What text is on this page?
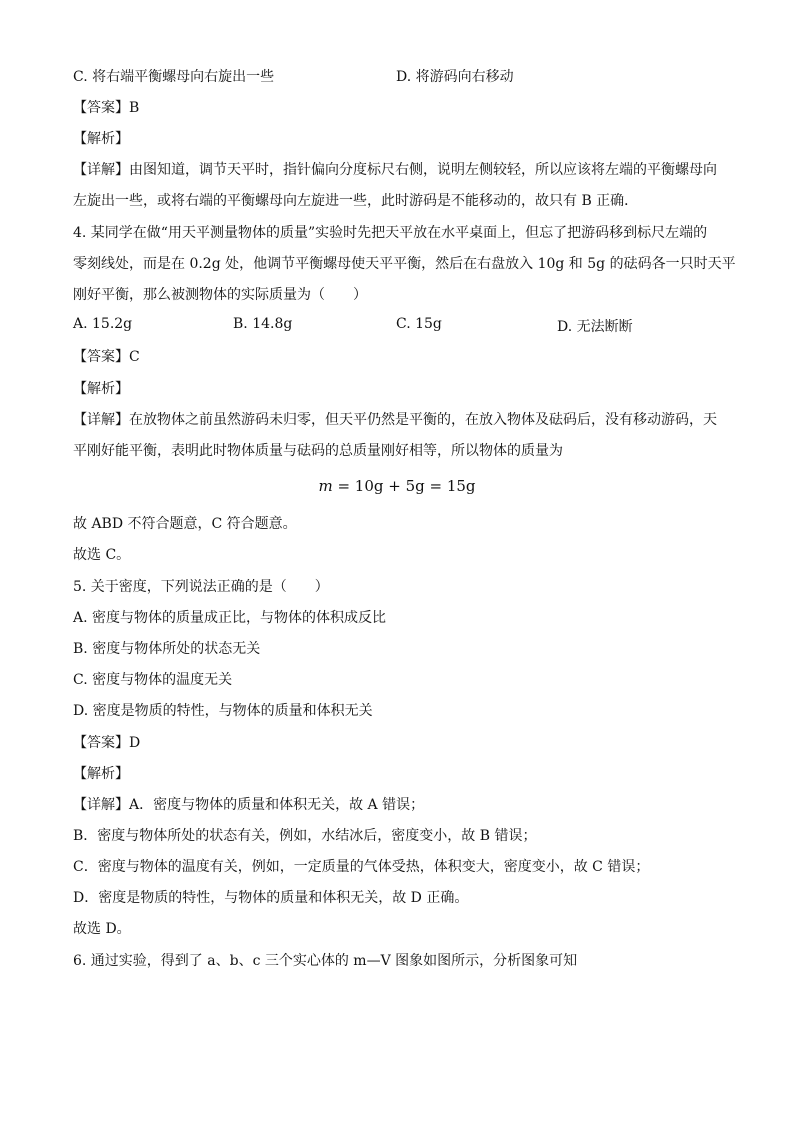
C. 将右端平衡螺母向右旋出一些	D. 将游码向右移动
【答案】B
【解析】
【详解】由图知道，调节天平时，指针偏向分度标尺右侧，说明左侧较轻，所以应该将左端的平衡螺母向
左旋出一些，或将右端的平衡螺母向左旋进一些，此时游码是不能移动的，故只有 B 正确．
4. 某同学在做“用天平测量物体的质量”实验时先把天平放在水平桌面上，但忘了把游码移到标尺左端的
零刻线处，而是在 0.2g 处，他调节平衡螺母使天平平衡，然后在右盘放入 10g 和 5g 的砝码各一只时天平
刚好平衡，那么被测物体的实际质量为（　　）
A. 15.2g	B. 14.8g	C. 15g	D. 无法断断
【答案】C
【解析】
【详解】在放物体之前虽然游码未归零，但天平仍然是平衡的，在放入物体及砝码后，没有移动游码，天
平刚好能平衡，表明此时物体质量与砝码的总质量刚好相等，所以物体的质量为
m = 10g + 5g = 15g
故 ABD 不符合题意，C 符合题意。
故选 C。
5. 关于密度，下列说法正确的是（　　）
A. 密度与物体的质量成正比，与物体的体积成反比
B. 密度与物体所处的状态无关
C. 密度与物体的温度无关
D. 密度是物质的特性，与物体的质量和体积无关
【答案】D
【解析】
【详解】A．密度与物体的质量和体积无关，故 A 错误；
B．密度与物体所处的状态有关，例如，水结冰后，密度变小，故 B 错误；
C．密度与物体的温度有关，例如，一定质量的气体受热，体积变大，密度变小，故 C 错误；
D．密度是物质的特性，与物体的质量和体积无关，故 D 正确。
故选 D。
6. 通过实验，得到了 a、b、c 三个实心体的 m—V 图象如图所示，分析图象可知
